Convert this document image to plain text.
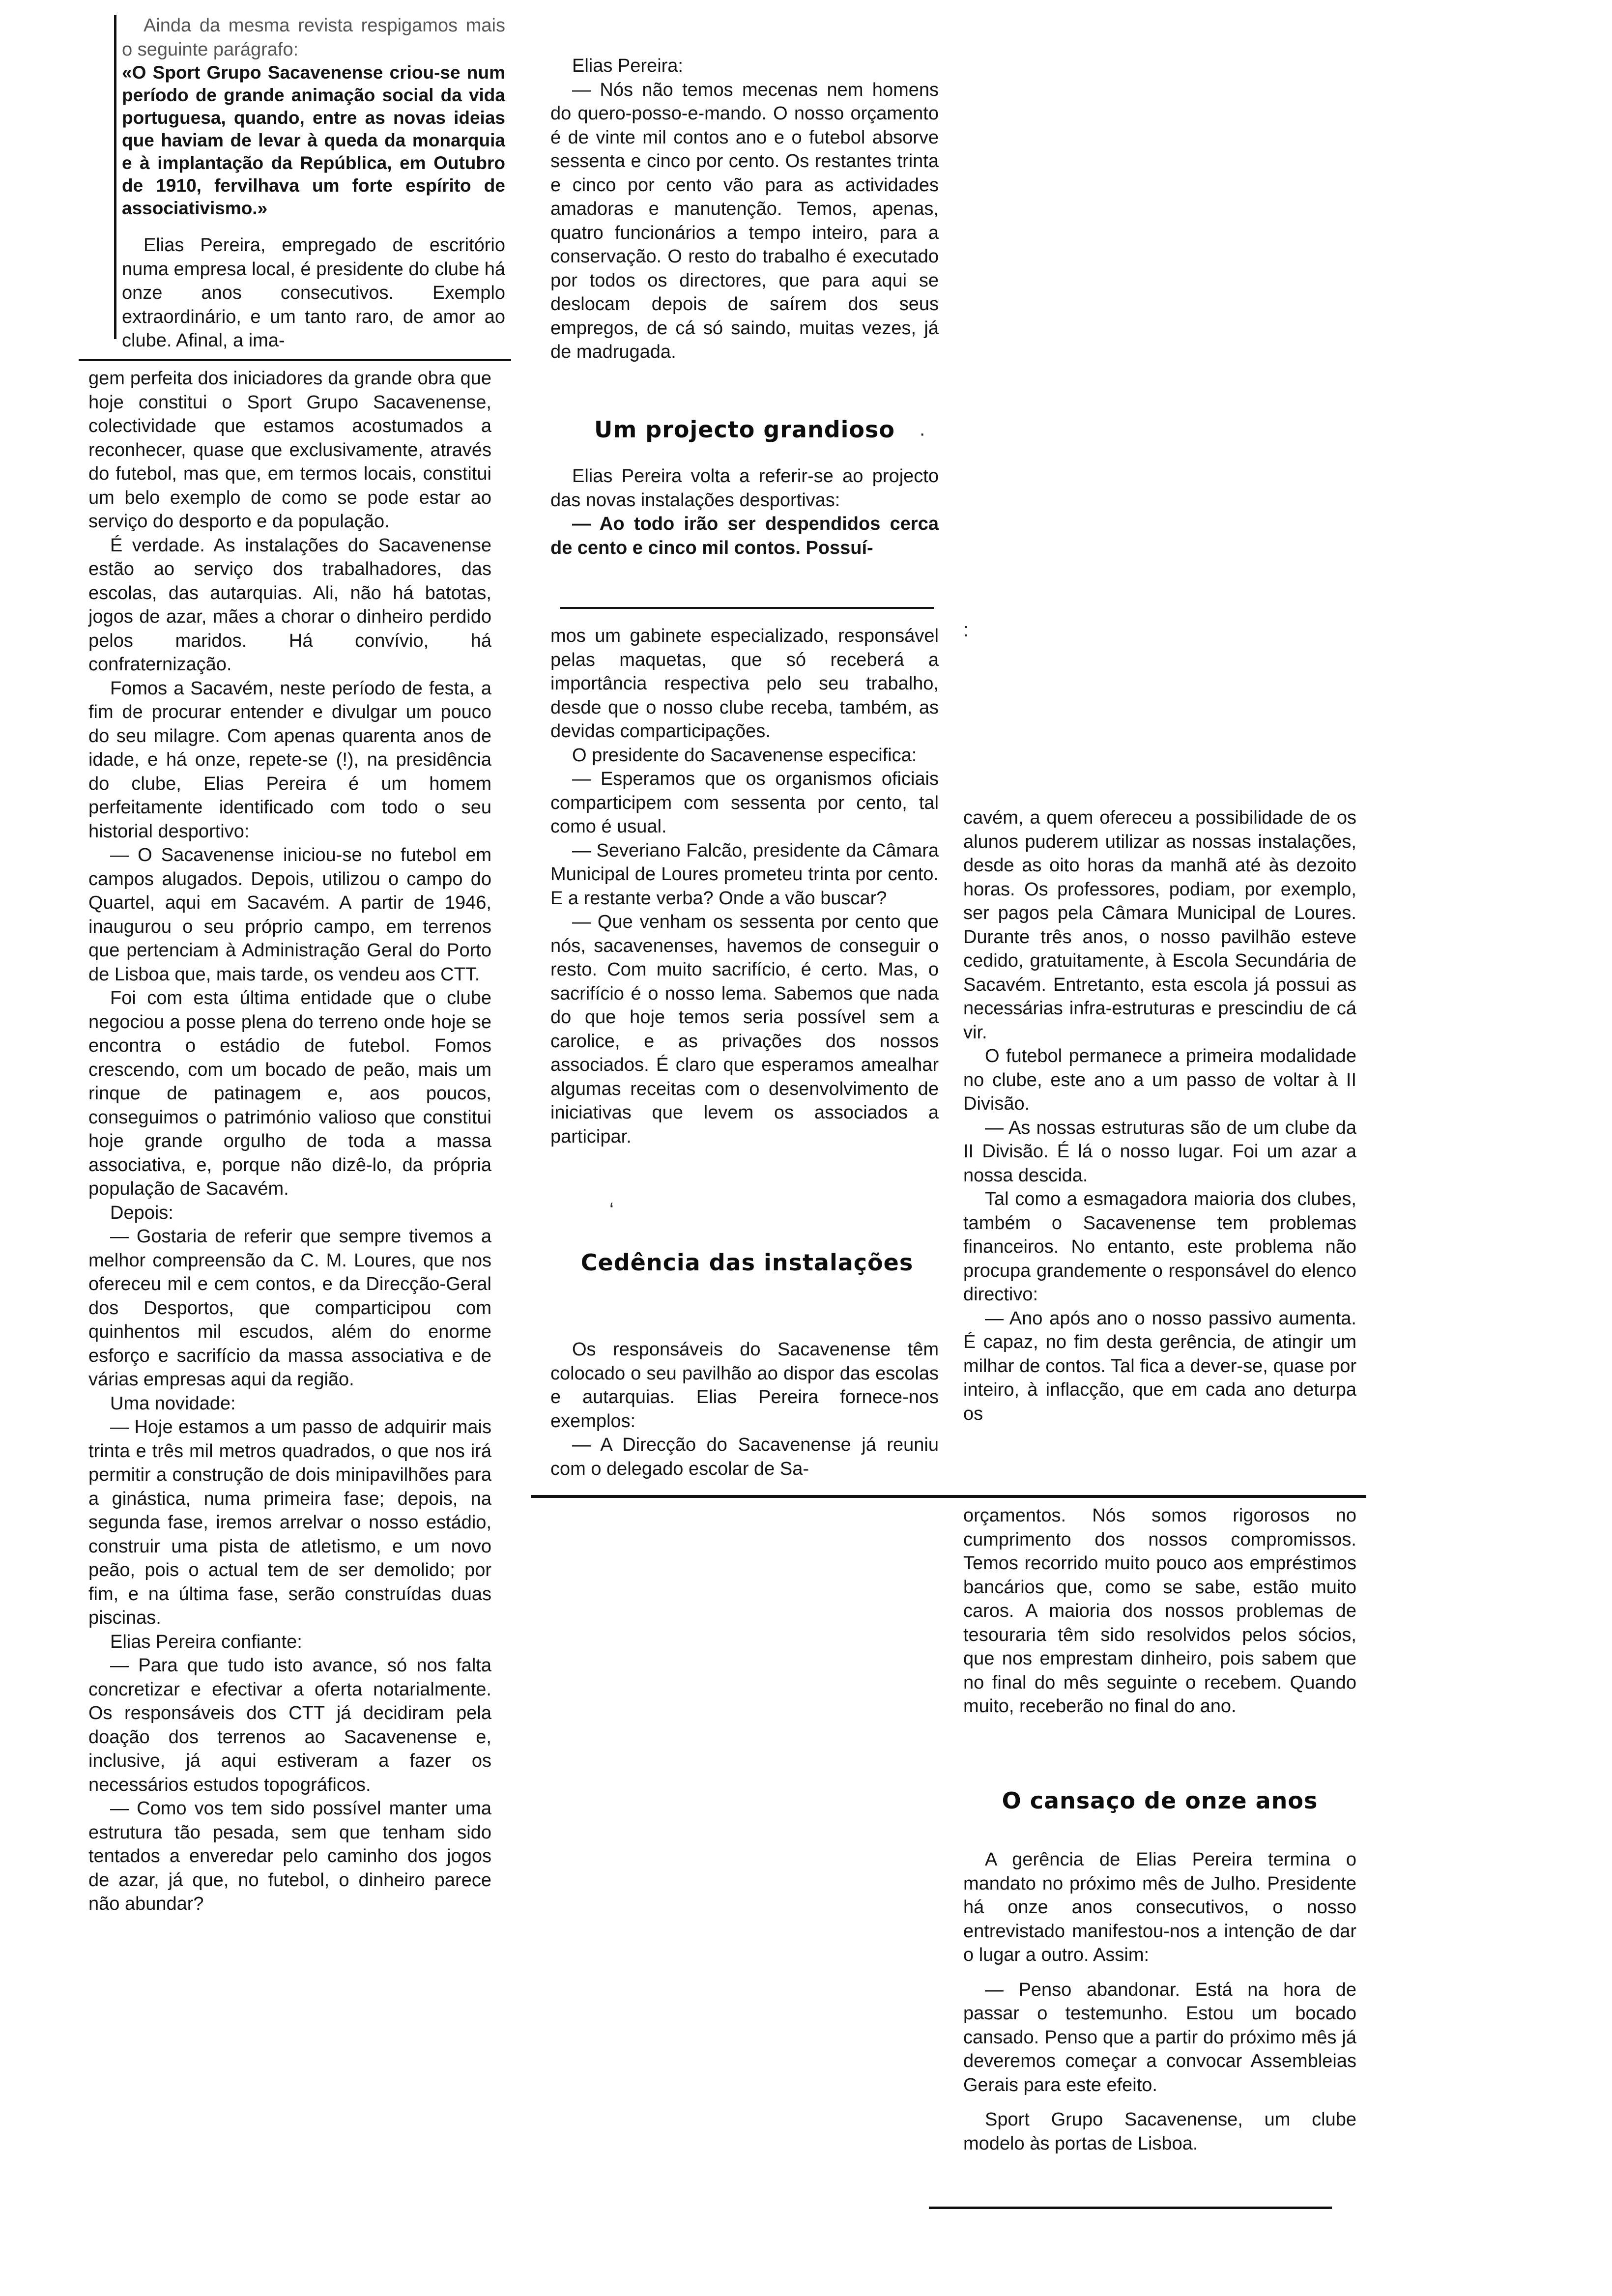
Ainda da mesma revista respigamos mais o seguinte parágrafo:

«O Sport Grupo Sacavenense criou-se num período de grande animação social da vida portuguesa, quando, entre as novas ideias que haviam de levar à queda da monarquia e à implantação da República, em Outubro de 1910, fervilhava um forte espírito de associativismo.»

Elias Pereira, empregado de escritório numa empresa local, é presidente do clube há onze anos consecutivos. Exemplo extraordinário, e um tanto raro, de amor ao clube. Afinal, a ima-

gem perfeita dos iniciadores da grande obra que hoje constitui o Sport Grupo Sacavenense, colectividade que estamos acostumados a reconhecer, quase que exclusivamente, através do futebol, mas que, em termos locais, constitui um belo exemplo de como se pode estar ao serviço do desporto e da população.

É verdade. As instalações do Sacavenense estão ao serviço dos trabalhadores, das escolas, das autarquias. Ali, não há batotas, jogos de azar, mães a chorar o dinheiro perdido pelos maridos. Há convívio, há confraternização.

Fomos a Sacavém, neste período de festa, a fim de procurar entender e divulgar um pouco do seu milagre. Com apenas quarenta anos de idade, e há onze, repete-se (!), na presidência do clube, Elias Pereira é um homem perfeitamente identificado com todo o seu historial desportivo:

— O Sacavenense iniciou-se no futebol em campos alugados. Depois, utilizou o campo do Quartel, aqui em Sacavém. A partir de 1946, inaugurou o seu próprio campo, em terrenos que pertenciam à Administração Geral do Porto de Lisboa que, mais tarde, os vendeu aos CTT.

Foi com esta última entidade que o clube negociou a posse plena do terreno onde hoje se encontra o estádio de futebol. Fomos crescendo, com um bocado de peão, mais um rinque de patinagem e, aos poucos, conseguimos o património valioso que constitui hoje grande orgulho de toda a massa associativa, e, porque não dizê-lo, da própria população de Sacavém.

Depois:

— Gostaria de referir que sempre tivemos a melhor compreensão da C. M. Loures, que nos ofereceu mil e cem contos, e da Direcção-Geral dos Desportos, que comparticipou com quinhentos mil escudos, além do enorme esforço e sacrifício da massa associativa e de várias empresas aqui da região.

Uma novidade:

— Hoje estamos a um passo de adquirir mais trinta e três mil metros quadrados, o que nos irá permitir a construção de dois minipavilhões para a ginástica, numa primeira fase; depois, na segunda fase, iremos arrelvar o nosso estádio, construir uma pista de atletismo, e um novo peão, pois o actual tem de ser demolido; por fim, e na última fase, serão construídas duas piscinas.

Elias Pereira confiante:

— Para que tudo isto avance, só nos falta concretizar e efectivar a oferta notarialmente. Os responsáveis dos CTT já decidiram pela doação dos terrenos ao Sacavenense e, inclusive, já aqui estiveram a fazer os necessários estudos topográficos.

— Como vos tem sido possível manter uma estrutura tão pesada, sem que tenham sido tentados a enveredar pelo caminho dos jogos de azar, já que, no futebol, o dinheiro parece não abundar?

Elias Pereira:

— Nós não temos mecenas nem homens do quero-posso-e-mando. O nosso orçamento é de vinte mil contos ano e o futebol absorve sessenta e cinco por cento. Os restantes trinta e cinco por cento vão para as actividades amadoras e manutenção. Temos, apenas, quatro funcionários a tempo inteiro, para a conservação. O resto do trabalho é executado por todos os directores, que para aqui se deslocam depois de saírem dos seus empregos, de cá só saindo, muitas vezes, já de madrugada.

Um projecto grandioso

Elias Pereira volta a referir-se ao projecto das novas instalações desportivas:

— Ao todo irão ser despendidos cerca de cento e cinco mil contos. Possuí-

mos um gabinete especializado, responsável pelas maquetas, que só receberá a importância respectiva pelo seu trabalho, desde que o nosso clube receba, também, as devidas comparticipações.

O presidente do Sacavenense especifica:

— Esperamos que os organismos oficiais comparticipem com sessenta por cento, tal como é usual.

— Severiano Falcão, presidente da Câmara Municipal de Loures prometeu trinta por cento. E a restante verba? Onde a vão buscar?

— Que venham os sessenta por cento que nós, sacavenenses, havemos de conseguir o resto. Com muito sacrifício, é certo. Mas, o sacrifício é o nosso lema. Sabemos que nada do que hoje temos seria possível sem a carolice, e as privações dos nossos associados. É claro que esperamos amealhar algumas receitas com o desenvolvimento de iniciativas que levem os associados a participar.

Cedência das instalações

Os responsáveis do Sacavenense têm colocado o seu pavilhão ao dispor das escolas e autarquias. Elias Pereira fornece-nos exemplos:

— A Direcção do Sacavenense já reuniu com o delegado escolar de Sa-

cavém, a quem ofereceu a possibilidade de os alunos puderem utilizar as nossas instalações, desde as oito horas da manhã até às dezoito horas. Os professores, podiam, por exemplo, ser pagos pela Câmara Municipal de Loures. Durante três anos, o nosso pavilhão esteve cedido, gratuitamente, à Escola Secundária de Sacavém. Entretanto, esta escola já possui as necessárias infra-estruturas e prescindiu de cá vir.

O futebol permanece a primeira modalidade no clube, este ano a um passo de voltar à II Divisão.

— As nossas estruturas são de um clube da II Divisão. É lá o nosso lugar. Foi um azar a nossa descida.

Tal como a esmagadora maioria dos clubes, também o Sacavenense tem problemas financeiros. No entanto, este problema não procupa grandemente o responsável do elenco directivo:

— Ano após ano o nosso passivo aumenta. É capaz, no fim desta gerência, de atingir um milhar de contos. Tal fica a dever-se, quase por inteiro, à inflacção, que em cada ano deturpa os

orçamentos. Nós somos rigorosos no cumprimento dos nossos compromissos. Temos recorrido muito pouco aos empréstimos bancários que, como se sabe, estão muito caros. A maioria dos nossos problemas de tesouraria têm sido resolvidos pelos sócios, que nos emprestam dinheiro, pois sabem que no final do mês seguinte o recebem. Quando muito, receberão no final do ano.

O cansaço de onze anos

A gerência de Elias Pereira termina o mandato no próximo mês de Julho. Presidente há onze anos consecutivos, o nosso entrevistado manifestou-nos a intenção de dar o lugar a outro. Assim:

— Penso abandonar. Está na hora de passar o testemunho. Estou um bocado cansado. Penso que a partir do próximo mês já deveremos começar a convocar Assembleias Gerais para este efeito.

Sport Grupo Sacavenense, um clube modelo às portas de Lisboa.

·
:
‘
